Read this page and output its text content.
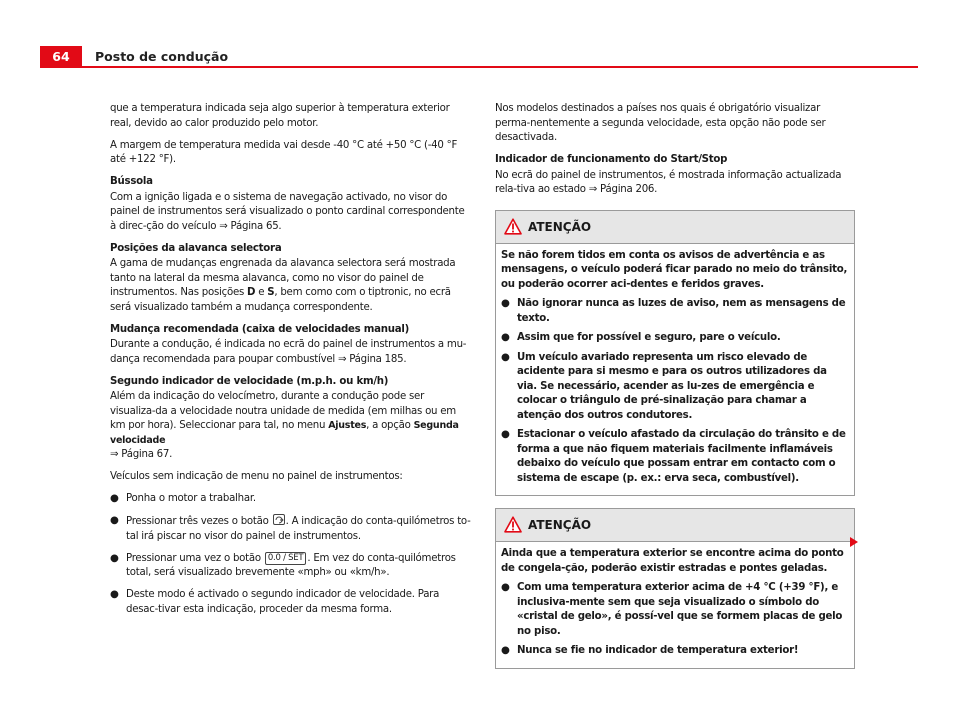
64	Posto de condução

que a temperatura indicada seja algo superior à temperatura exterior real, devido ao calor produzido pelo motor.

A margem de temperatura medida vai desde -40 °C até +50 °C (-40 °F até +122 °F).

Bússola

Com a ignição ligada e o sistema de navegação activado, no visor do painel de instrumentos será visualizado o ponto cardinal correspondente à direc-ção do veículo ⇒ Página 65.

Posições da alavanca selectora

A gama de mudanças engrenada da alavanca selectora será mostrada tanto na lateral da mesma alavanca, como no visor do painel de instrumentos. Nas posições D e S, bem como com o tiptronic, no ecrã será visualizado também a mudança correspondente.

Mudança recomendada (caixa de velocidades manual)

Durante a condução, é indicada no ecrã do painel de instrumentos a mu-dança recomendada para poupar combustível ⇒ Página 185.

Segundo indicador de velocidade (m.p.h. ou km/h)

Além da indicação do velocímetro, durante a condução pode ser visualiza-da a velocidade noutra unidade de medida (em milhas ou em km por hora). Seleccionar para tal, no menu Ajustes, a opção Segunda velocidade
⇒ Página 67.

Veículos sem indicação de menu no painel de instrumentos:

● Ponha o motor a trabalhar.
● Pressionar três vezes o botão
. A indicação do conta-quilómetros to-tal irá piscar no visor do painel de instrumentos.
● Pressionar uma vez o botão 0.0 / SET . Em vez do conta-quilómetros total, será visualizado brevemente «mph» ou «km/h».
● Deste modo é activado o segundo indicador de velocidade. Para desac-tivar esta indicação, proceder da mesma forma.

Nos modelos destinados a países nos quais é obrigatório visualizar perma-nentemente a segunda velocidade, esta opção não pode ser desactivada.

Indicador de funcionamento do Start/Stop

No ecrã do painel de instrumentos, é mostrada informação actualizada rela-tiva ao estado ⇒ Página 206.

ATENÇÃO

Se não forem tidos em conta os avisos de advertência e as mensagens, o veículo poderá ficar parado no meio do trânsito, ou poderão ocorrer aci-dentes e feridos graves.

● Não ignorar nunca as luzes de aviso, nem as mensagens de texto.
● Assim que for possível e seguro, pare o veículo.
● Um veículo avariado representa um risco elevado de acidente para si mesmo e para os outros utilizadores da via. Se necessário, acender as lu-zes de emergência e colocar o triângulo de pré-sinalização para chamar a atenção dos outros condutores.
● Estacionar o veículo afastado da circulação do trânsito e de forma a que não fiquem materiais facilmente inflamáveis debaixo do veículo que possam entrar em contacto com o sistema de escape (p. ex.: erva seca, combustível).
ATENÇÃO

Ainda que a temperatura exterior se encontre acima do ponto de congela-ção, poderão existir estradas e pontes geladas.

● Com uma temperatura exterior acima de +4 °C (+39 °F), e inclusiva-mente sem que seja visualizado o símbolo do «cristal de gelo», é possí-vel que se formem placas de gelo no piso.
● Nunca se fie no indicador de temperatura exterior!
